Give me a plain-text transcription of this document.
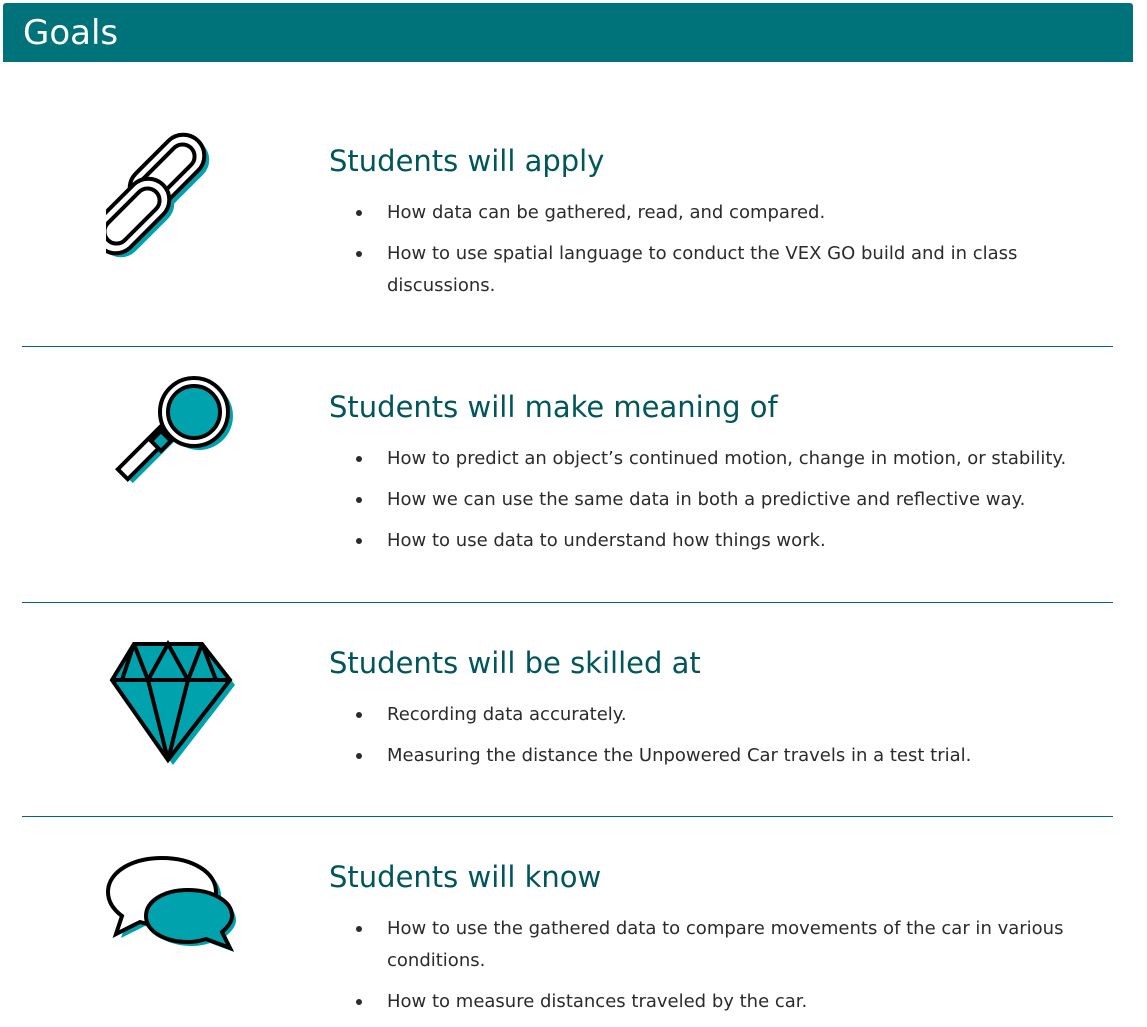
Goals
Students will apply
How data can be gathered, read, and compared.
How to use spatial language to conduct the VEX GO build and in class discussions.
Students will make meaning of
How to predict an object’s continued motion, change in motion, or stability.
How we can use the same data in both a predictive and reflective way.
How to use data to understand how things work.
Students will be skilled at
Recording data accurately.
Measuring the distance the Unpowered Car travels in a test trial.
Students will know
How to use the gathered data to compare movements of the car in various conditions.
How to measure distances traveled by the car.
